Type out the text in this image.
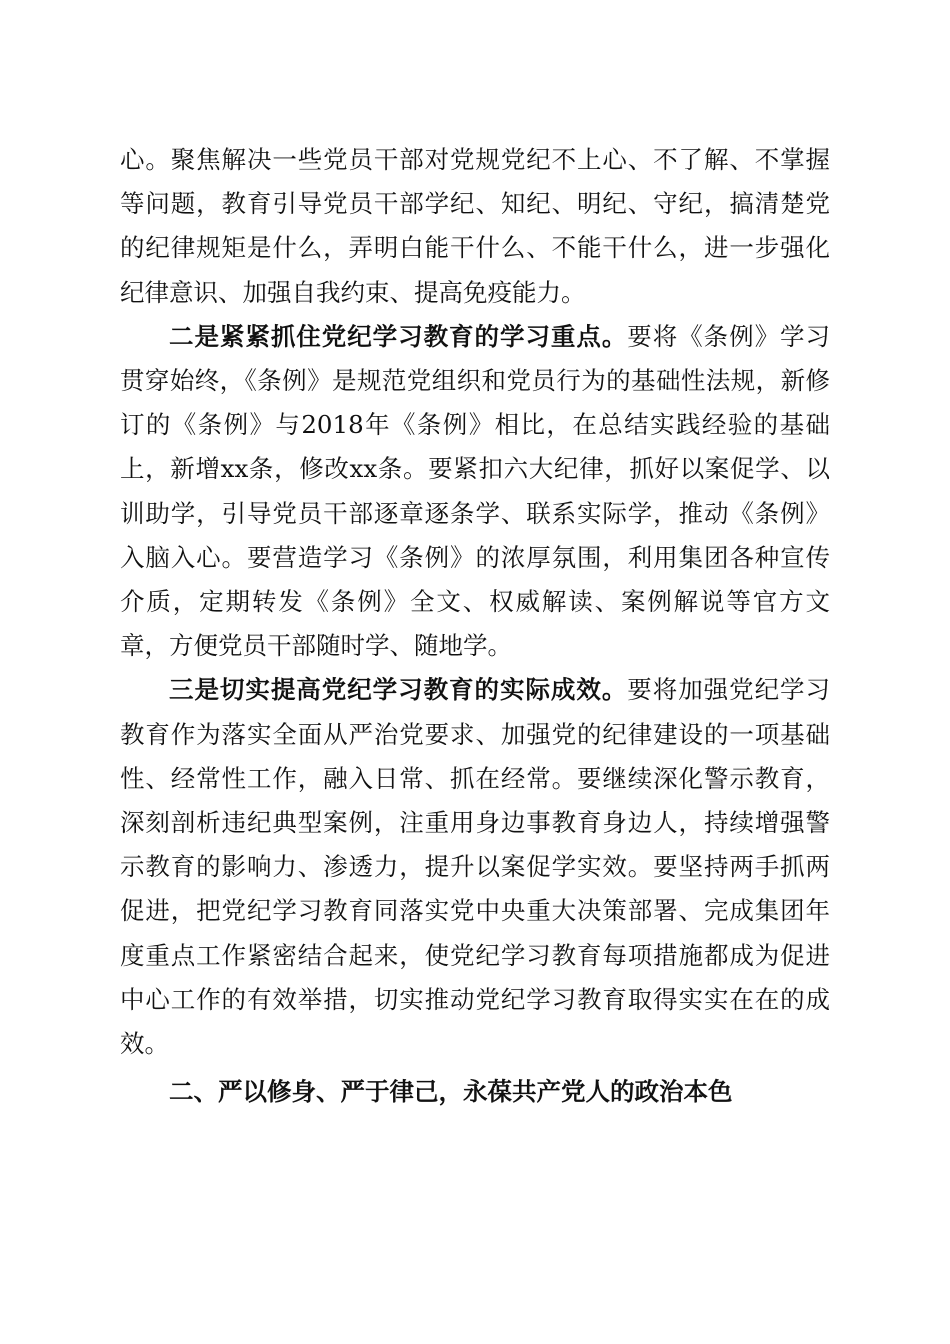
心。聚焦解决一些党员干部对党规党纪不上心、不了解、不掌握等问题，教育引导党员干部学纪、知纪、明纪、守纪，搞清楚党的纪律规矩是什么，弄明白能干什么、不能干什么，进一步强化纪律意识、加强自我约束、提高免疫能力。

二是紧紧抓住党纪学习教育的学习重点。要将《条例》学习贯穿始终，《条例》是规范党组织和党员行为的基础性法规，新修订的《条例》与2018年《条例》相比，在总结实践经验的基础上，新增xx条，修改xx条。要紧扣六大纪律，抓好以案促学、以训助学，引导党员干部逐章逐条学、联系实际学，推动《条例》入脑入心。要营造学习《条例》的浓厚氛围，利用集团各种宣传介质，定期转发《条例》全文、权威解读、案例解说等官方文章，方便党员干部随时学、随地学。

三是切实提高党纪学习教育的实际成效。要将加强党纪学习教育作为落实全面从严治党要求、加强党的纪律建设的一项基础性、经常性工作，融入日常、抓在经常。要继续深化警示教育，深刻剖析违纪典型案例，注重用身边事教育身边人，持续增强警示教育的影响力、渗透力，提升以案促学实效。要坚持两手抓两促进，把党纪学习教育同落实党中央重大决策部署、完成集团年度重点工作紧密结合起来，使党纪学习教育每项措施都成为促进中心工作的有效举措，切实推动党纪学习教育取得实实在在的成效。

二、严以修身、严于律己，永葆共产党人的政治本色
